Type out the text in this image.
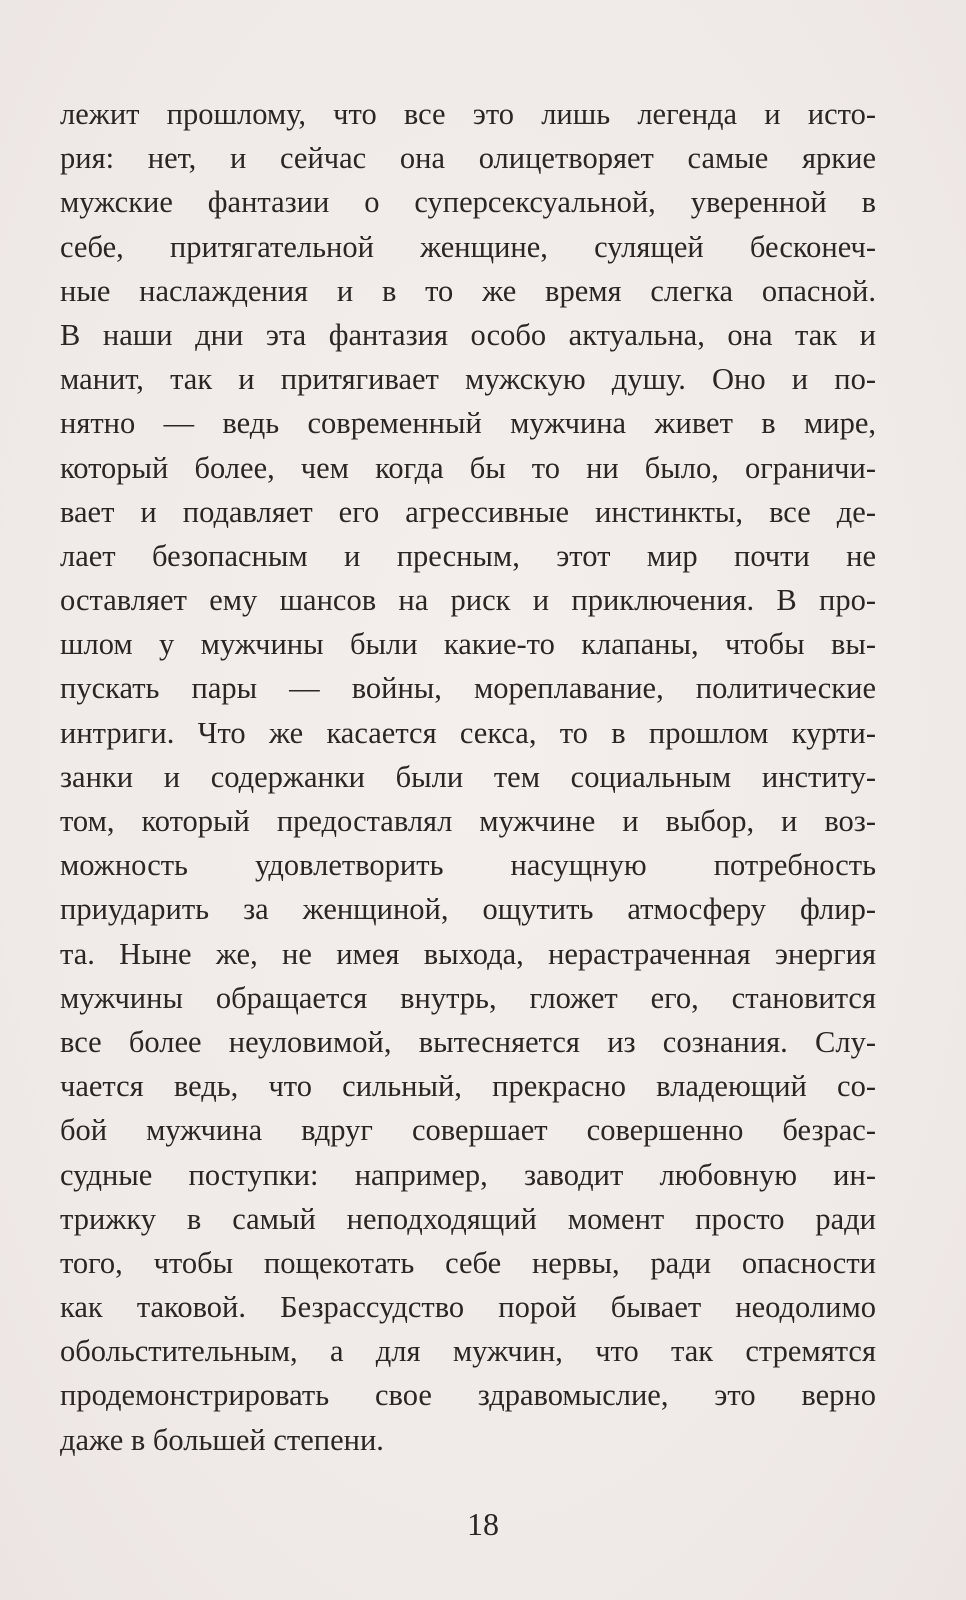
лежит прошлому, что все это лишь легенда и исто-
рия: нет, и сейчас она олицетворяет самые яркие
мужские фантазии о суперсексуальной, уверенной в
себе, притягательной женщине, сулящей бесконеч-
ные наслаждения и в то же время слегка опасной.
В наши дни эта фантазия особо актуальна, она так и
манит, так и притягивает мужскую душу. Оно и по-
нятно — ведь современный мужчина живет в мире,
который более, чем когда бы то ни было, ограничи-
вает и подавляет его агрессивные инстинкты, все де-
лает безопасным и пресным, этот мир почти не
оставляет ему шансов на риск и приключения. В про-
шлом у мужчины были какие-то клапаны, чтобы вы-
пускать пары — войны, мореплавание, политические
интриги. Что же касается секса, то в прошлом курти-
занки и содержанки были тем социальным институ-
том, который предоставлял мужчине и выбор, и воз-
можность удовлетворить насущную потребность
приударить за женщиной, ощутить атмосферу флир-
та. Ныне же, не имея выхода, нерастраченная энергия
мужчины обращается внутрь, гложет его, становится
все более неуловимой, вытесняется из сознания. Слу-
чается ведь, что сильный, прекрасно владеющий со-
бой мужчина вдруг совершает совершенно безрас-
судные поступки: например, заводит любовную ин-
трижку в самый неподходящий момент просто ради
того, чтобы пощекотать себе нервы, ради опасности
как таковой. Безрассудство порой бывает неодолимо
обольстительным, а для мужчин, что так стремятся
продемонстрировать свое здравомыслие, это верно
даже в большей степени.
18
